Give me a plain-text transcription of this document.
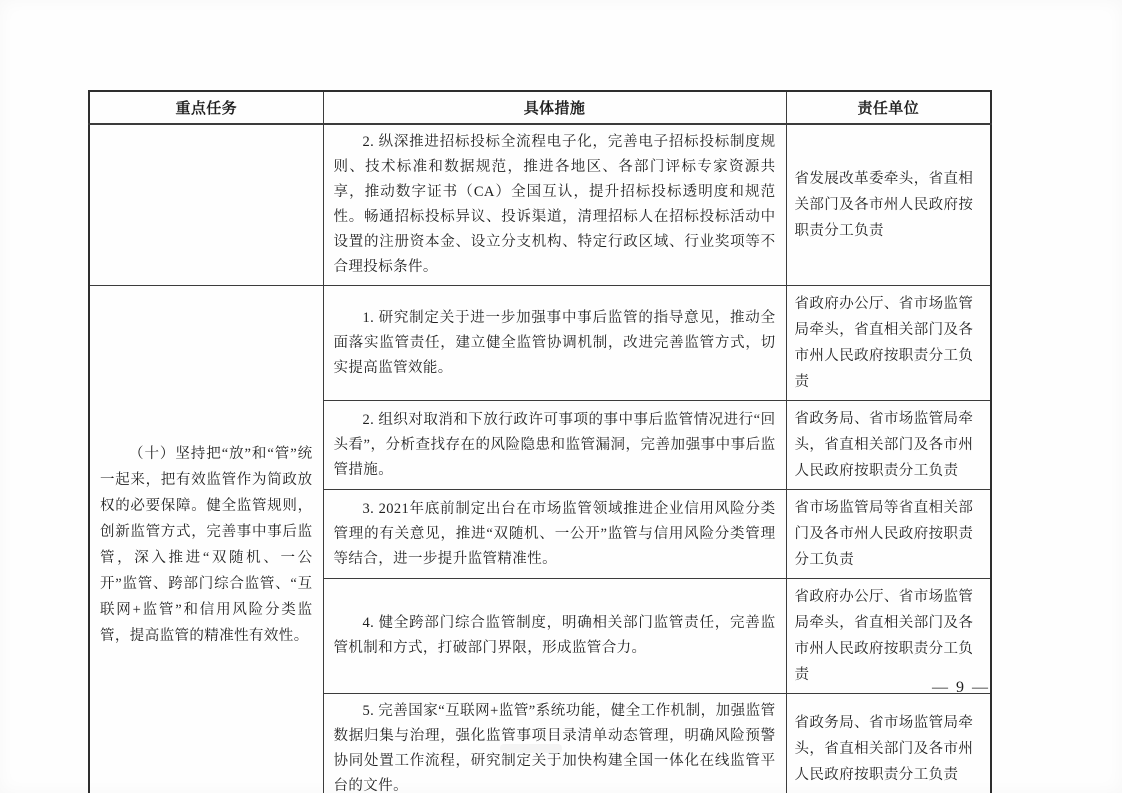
重点任务	具体措施	责任单位
	2. 纵深推进招标投标全流程电子化，完善电子招标投标制度规则、技术标准和数据规范，推进各地区、各部门评标专家资源共享，推动数字证书（CA）全国互认，提升招标投标透明度和规范性。畅通招标投标异议、投诉渠道，清理招标人在招标投标活动中设置的注册资本金、设立分支机构、特定行政区域、行业奖项等不合理投标条件。	省发展改革委牵头，省直相关部门及各市州人民政府按职责分工负责
（十）坚持把“放”和“管”统一起来，把有效监管作为简政放权的必要保障。健全监管规则，创新监管方式，完善事中事后监管，深入推进“双随机、一公开”监管、跨部门综合监管、“互联网+监管”和信用风险分类监管，提高监管的精准性有效性。	1. 研究制定关于进一步加强事中事后监管的指导意见，推动全面落实监管责任，建立健全监管协调机制，改进完善监管方式，切实提高监管效能。	省政府办公厅、省市场监管局牵头，省直相关部门及各市州人民政府按职责分工负责
	2. 组织对取消和下放行政许可事项的事中事后监管情况进行“回头看”，分析查找存在的风险隐患和监管漏洞，完善加强事中事后监管措施。	省政务局、省市场监管局牵头，省直相关部门及各市州人民政府按职责分工负责
	3. 2021年底前制定出台在市场监管领域推进企业信用风险分类管理的有关意见，推进“双随机、一公开”监管与信用风险分类管理等结合，进一步提升监管精准性。	省市场监管局等省直相关部门及各市州人民政府按职责分工负责
	4. 健全跨部门综合监管制度，明确相关部门监管责任，完善监管机制和方式，打破部门界限，形成监管合力。	省政府办公厅、省市场监管局牵头，省直相关部门及各市州人民政府按职责分工负责
	5. 完善国家“互联网+监管”系统功能，健全工作机制，加强监管数据归集与治理，强化监管事项目录清单动态管理，明确风险预警协同处置工作流程，研究制定关于加快构建全国一体化在线监管平台的文件。	省政务局、省市场监管局牵头，省直相关部门及各市州人民政府按职责分工负责
— 9 —
